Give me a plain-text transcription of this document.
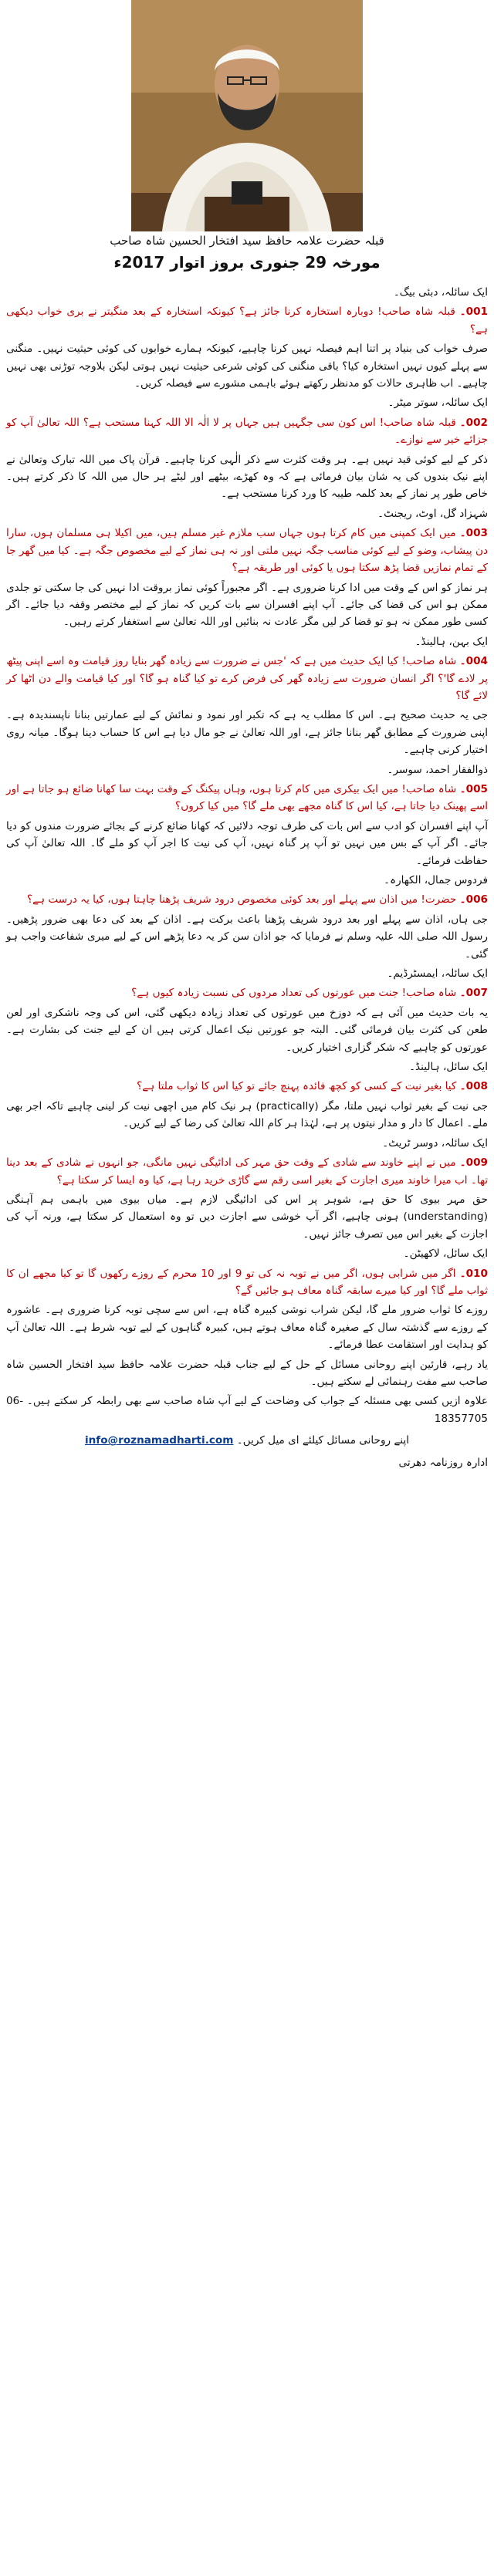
قبلہ حضرت علامہ حافظ سید افتخار الحسین شاہ صاحب
مورخہ 29 جنوری بروز اتوار 2017ء

ایک سائلہ، دبئی بیگ۔

001۔ قبلہ شاہ صاحب! دوبارہ استخارہ کرنا جائز ہے؟ کیونکہ استخارہ کے بعد منگیتر نے بری خواب دیکھی ہے؟

صرف خواب کی بنیاد پر اتنا اہم فیصلہ نہیں کرنا چاہیے، کیونکہ ہمارے خوابوں کی کوئی حیثیت نہیں۔ منگنی سے پہلے کیوں نہیں استخارہ کیا؟ باقی منگنی کی کوئی شرعی حیثیت نہیں ہوتی لیکن بلاوجہ توڑنی بھی نہیں چاہیے۔ اب ظاہری حالات کو مدنظر رکھتے ہوئے باہمی مشورے سے فیصلہ کریں۔

ایک سائلہ، سوتر میٹر۔

002۔ قبلہ شاہ صاحب! اس کون سی جگہیں ہیں جہاں پر لا الٰہ الا اللہ کہنا مستحب ہے؟ اللہ تعالیٰ آپ کو جزائے خیر سے نوازے۔

ذکر کے لیے کوئی قید نہیں ہے۔ ہر وقت کثرت سے ذکر الٰہی کرنا چاہیے۔ قرآن پاک میں اللہ تبارک وتعالیٰ نے اپنے نیک بندوں کی یہ شان بیان فرمائی ہے کہ وہ کھڑے، بیٹھے اور لیٹے ہر حال میں اللہ کا ذکر کرتے ہیں۔ خاص طور پر نماز کے بعد کلمہ طیبہ کا ورد کرنا مستحب ہے۔

شہزاد گل، اوٹ، ریجنٹ۔

003۔ میں ایک کمپنی میں کام کرتا ہوں جہاں سب ملازم غیر مسلم ہیں، میں اکیلا ہی مسلمان ہوں، سارا دن پیشاب، وضو کے لیے کوئی مناسب جگہ نہیں ملتی اور نہ ہی نماز کے لیے مخصوص جگہ ہے۔ کیا میں گھر جا کے تمام نمازیں قضا پڑھ سکتا ہوں یا کوئی اور طریقہ ہے؟

ہر نماز کو اس کے وقت میں ادا کرنا ضروری ہے۔ اگر مجبوراً کوئی نماز بروقت ادا نہیں کی جا سکتی تو جلدی ممکن ہو اس کی قضا کی جائے۔ آپ اپنے افسران سے بات کریں کہ نماز کے لیے مختصر وقفہ دیا جائے۔ اگر کسی طور ممکن نہ ہو تو قضا کر لیں مگر عادت نہ بنائیں اور اللہ تعالیٰ سے استغفار کرتے رہیں۔

ایک بہن، ہالینڈ۔

004۔ شاہ صاحب! کیا ایک حدیث میں ہے کہ 'جس نے ضرورت سے زیادہ گھر بنایا روز قیامت وہ اسے اپنی پیٹھ پر لادے گا'؟ اگر انسان ضرورت سے زیادہ گھر کی فرض کرے تو کیا گناہ ہو گا؟ اور کیا قیامت والے دن اٹھا کر لائے گا؟

جی یہ حدیث صحیح ہے۔ اس کا مطلب یہ ہے کہ تکبر اور نمود و نمائش کے لیے عمارتیں بنانا ناپسندیدہ ہے۔ اپنی ضرورت کے مطابق گھر بنانا جائز ہے، اور اللہ تعالیٰ نے جو مال دیا ہے اس کا حساب دینا ہوگا۔ میانہ روی اختیار کرنی چاہیے۔

ذوالفقار احمد، سوسر۔

005۔ شاہ صاحب! میں ایک بیکری میں کام کرتا ہوں، وہاں پیکنگ کے وقت بہت سا کھانا ضائع ہو جاتا ہے اور اسے پھینک دیا جاتا ہے، کیا اس کا گناہ مجھے بھی ملے گا؟ میں کیا کروں؟

آپ اپنے افسران کو ادب سے اس بات کی طرف توجہ دلائیں کہ کھانا ضائع کرنے کے بجائے ضرورت مندوں کو دیا جائے۔ اگر آپ کے بس میں نہیں تو آپ پر گناہ نہیں، آپ کی نیت کا اجر آپ کو ملے گا۔ اللہ تعالیٰ آپ کی حفاظت فرمائے۔

فردوس جمال، الکھارہ۔

006۔ حضرت! میں اذان سے پہلے اور بعد کوئی مخصوص درود شریف پڑھنا چاہتا ہوں، کیا یہ درست ہے؟

جی ہاں، اذان سے پہلے اور بعد درود شریف پڑھنا باعث برکت ہے۔ اذان کے بعد کی دعا بھی ضرور پڑھیں۔ رسول اللہ صلی اللہ علیہ وسلم نے فرمایا کہ جو اذان سن کر یہ دعا پڑھے اس کے لیے میری شفاعت واجب ہو گئی۔

ایک سائلہ، ایمسٹرڈیم۔

007۔ شاہ صاحب! جنت میں عورتوں کی تعداد مردوں کی نسبت زیادہ کیوں ہے؟

یہ بات حدیث میں آئی ہے کہ دوزخ میں عورتوں کی تعداد زیادہ دیکھی گئی، اس کی وجہ ناشکری اور لعن طعن کی کثرت بیان فرمائی گئی۔ البتہ جو عورتیں نیک اعمال کرتی ہیں ان کے لیے جنت کی بشارت ہے۔ عورتوں کو چاہیے کہ شکر گزاری اختیار کریں۔

ایک سائل، ہالینڈ۔

008۔ کیا بغیر نیت کے کسی کو کچھ فائدہ پہنچ جائے تو کیا اس کا ثواب ملتا ہے؟

جی نیت کے بغیر ثواب نہیں ملتا، مگر (practically) ہر نیک کام میں اچھی نیت کر لینی چاہیے تاکہ اجر بھی ملے۔ اعمال کا دار و مدار نیتوں پر ہے، لہٰذا ہر کام اللہ تعالیٰ کی رضا کے لیے کریں۔

ایک سائلہ، دوسر ٹریٹ۔

009۔ میں نے اپنے خاوند سے شادی کے وقت حق مہر کی ادائیگی نہیں مانگی، جو انہوں نے شادی کے بعد دینا تھا۔ اب میرا خاوند میری اجازت کے بغیر اسی رقم سے گاڑی خرید رہا ہے، کیا وہ ایسا کر سکتا ہے؟

حق مہر بیوی کا حق ہے، شوہر پر اس کی ادائیگی لازم ہے۔ میاں بیوی میں باہمی ہم آہنگی (understanding) ہونی چاہیے، اگر آپ خوشی سے اجازت دیں تو وہ استعمال کر سکتا ہے، ورنہ آپ کی اجازت کے بغیر اس میں تصرف جائز نہیں۔

ایک سائل، لاکھیٹن۔

010۔ اگر میں شرابی ہوں، اگر میں نے توبہ نہ کی تو 9 اور 10 محرم کے روزے رکھوں گا تو کیا مجھے ان کا ثواب ملے گا؟ اور کیا میرے سابقہ گناہ معاف ہو جائیں گے؟

روزے کا ثواب ضرور ملے گا، لیکن شراب نوشی کبیرہ گناہ ہے، اس سے سچی توبہ کرنا ضروری ہے۔ عاشورہ کے روزے سے گذشتہ سال کے صغیرہ گناہ معاف ہوتے ہیں، کبیرہ گناہوں کے لیے توبہ شرط ہے۔ اللہ تعالیٰ آپ کو ہدایت اور استقامت عطا فرمائے۔

یاد رہے، قارئین اپنے روحانی مسائل کے حل کے لیے جناب قبلہ حضرت علامہ حافظ سید افتخار الحسین شاہ صاحب سے مفت رہنمائی لے سکتے ہیں۔

علاوہ ازیں کسی بھی مسئلہ کے جواب کی وضاحت کے لیے آپ شاہ صاحب سے بھی رابطہ کر سکتے ہیں۔ 06-18357705

اپنے روحانی مسائل کیلئے ای میل کریں۔ info@roznamadharti.com

ادارہ روزنامہ دھرتی
